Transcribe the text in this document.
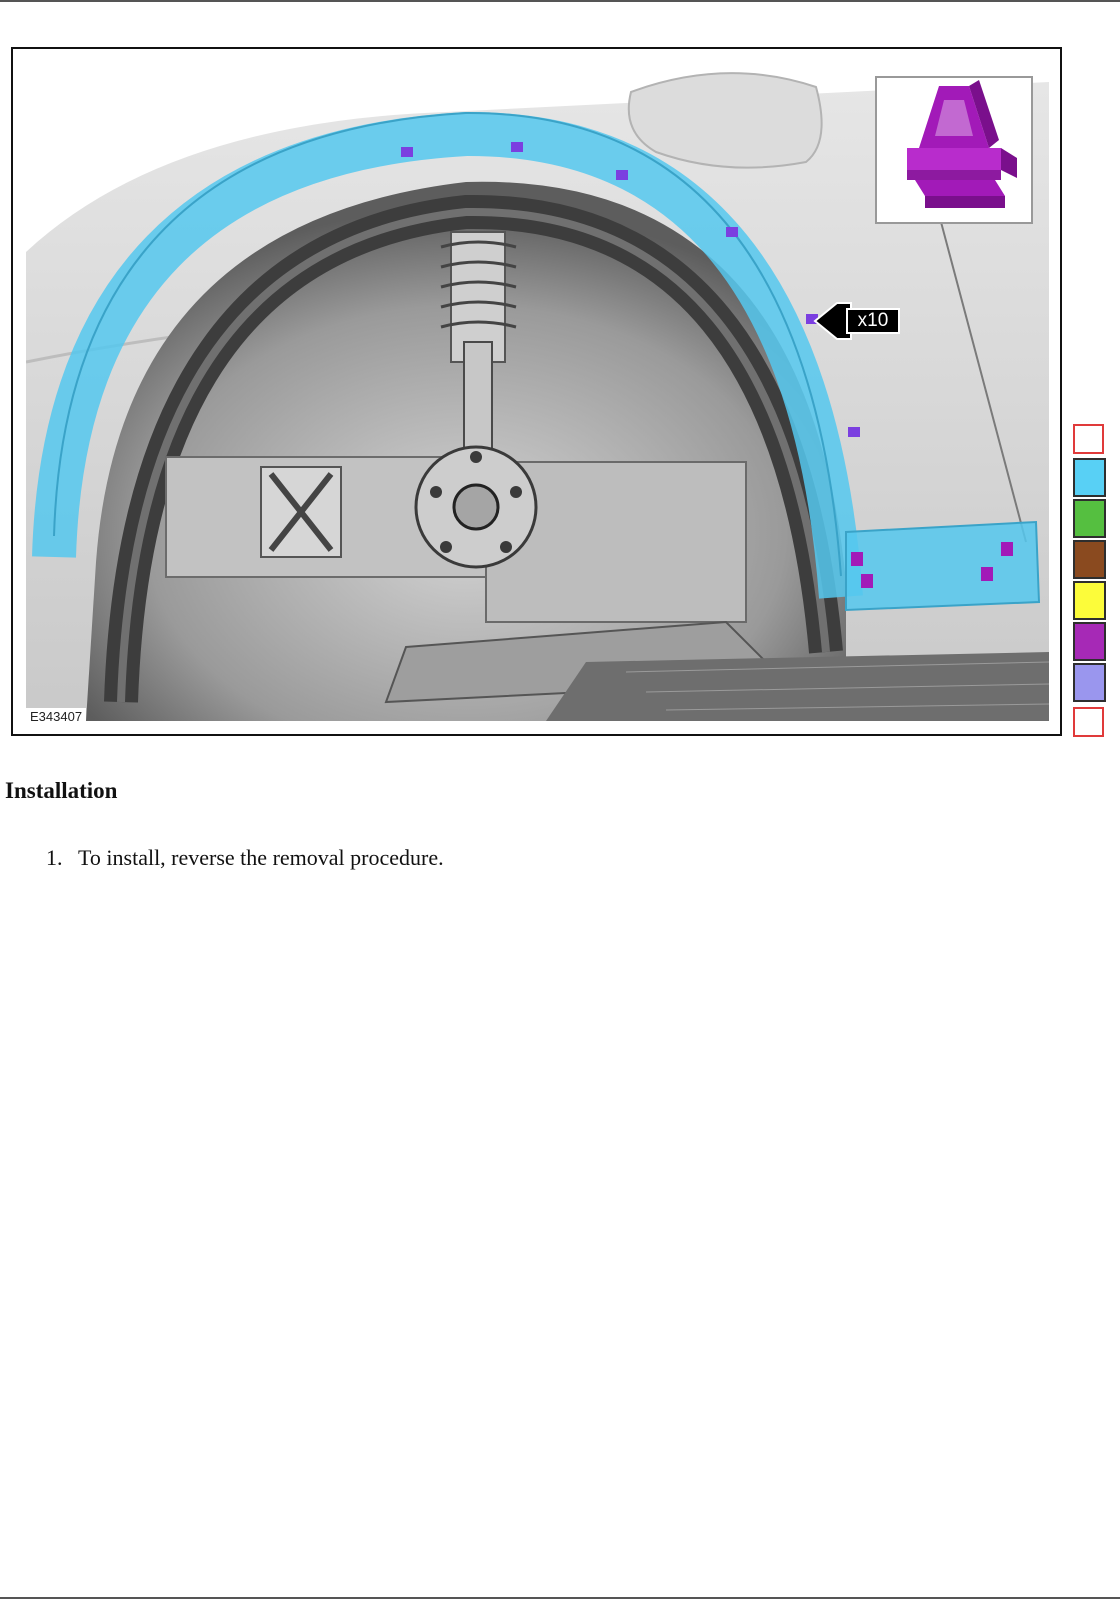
x10
E343407
Installation
1. To install, reverse the removal procedure.
